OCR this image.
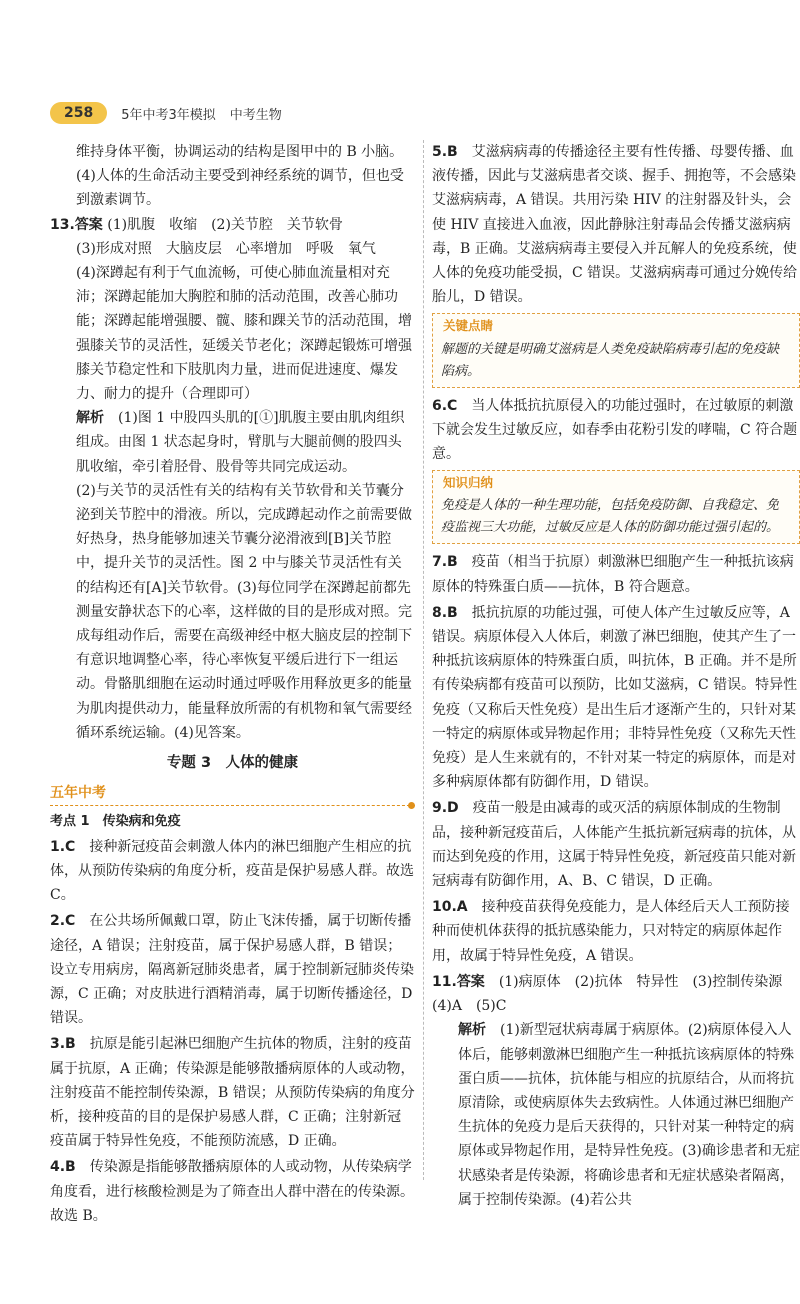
258	5年中考3年模拟 中考生物
维持身体平衡，协调运动的结构是图甲中的 B 小脑。
(4)人体的生命活动主要受到神经系统的调节，但也受到激素调节。
13.答案 (1)肌腹　收缩　(2)关节腔　关节软骨
(3)形成对照　大脑皮层　心率增加　呼吸　氧气
(4)深蹲起有利于气血流畅，可使心肺血流量相对充沛；深蹲起能加大胸腔和肺的活动范围，改善心肺功能；深蹲起能增强腰、髋、膝和踝关节的活动范围，增强膝关节的灵活性，延缓关节老化；深蹲起锻炼可增强膝关节稳定性和下肢肌肉力量，进而促进速度、爆发力、耐力的提升（合理即可）
解析　 (1)图 1 中股四头肌的[①]肌腹主要由肌肉组织组成。由图 1 状态起身时，臂肌与大腿前侧的股四头肌收缩，牵引着胫骨、股骨等共同完成运动。
(2)与关节的灵活性有关的结构有关节软骨和关节囊分泌到关节腔中的滑液。所以，完成蹲起动作之前需要做好热身，热身能够加速关节囊分泌滑液到[B]关节腔中，提升关节的灵活性。图 2 中与膝关节灵活性有关的结构还有[A]关节软骨。(3)每位同学在深蹲起前都先测量安静状态下的心率，这样做的目的是形成对照。完成每组动作后，需要在高级神经中枢大脑皮层的控制下有意识地调整心率，待心率恢复平缓后进行下一组运动。骨骼肌细胞在运动时通过呼吸作用释放更多的能量为肌肉提供动力，能量释放所需的有机物和氧气需要经循环系统运输。(4)见答案。
专题 3　人体的健康
五年中考
考点 1　传染病和免疫
1.C　 接种新冠疫苗会刺激人体内的淋巴细胞产生相应的抗体，从预防传染病的角度分析，疫苗是保护易感人群。故选 C。
2.C　 在公共场所佩戴口罩，防止飞沫传播，属于切断传播途径，A 错误；注射疫苗，属于保护易感人群，B 错误；设立专用病房，隔离新冠肺炎患者，属于控制新冠肺炎传染源，C 正确；对皮肤进行酒精消毒，属于切断传播途径，D 错误。
3.B　 抗原是能引起淋巴细胞产生抗体的物质，注射的疫苗属于抗原，A 正确；传染源是能够散播病原体的人或动物，注射疫苗不能控制传染源，B 错误；从预防传染病的角度分析，接种疫苗的目的是保护易感人群，C 正确；注射新冠疫苗属于特异性免疫，不能预防流感，D 正确。
4.B　 传染源是指能够散播病原体的人或动物，从传染病学角度看，进行核酸检测是为了筛查出人群中潜在的传染源。故选 B。
5.B　 艾滋病病毒的传播途径主要有性传播、母婴传播、血液传播，因此与艾滋病患者交谈、握手、拥抱等，不会感染艾滋病病毒，A 错误。共用污染 HIV 的注射器及针头，会使 HIV 直接进入血液，因此静脉注射毒品会传播艾滋病病毒，B 正确。艾滋病病毒主要侵入并瓦解人的免疫系统，使人体的免疫功能受损，C 错误。艾滋病病毒可通过分娩传给胎儿，D 错误。
关键点睛
解题的关键是明确艾滋病是人类免疫缺陷病毒引起的免疫缺陷病。
6.C　 当人体抵抗抗原侵入的功能过强时，在过敏原的刺激下就会发生过敏反应，如春季由花粉引发的哮喘，C 符合题意。
知识归纳
免疫是人体的一种生理功能，包括免疫防御、自我稳定、免疫监视三大功能，过敏反应是人体的防御功能过强引起的。
7.B　 疫苗（相当于抗原）刺激淋巴细胞产生一种抵抗该病原体的特殊蛋白质——抗体，B 符合题意。
8.B　 抵抗抗原的功能过强，可使人体产生过敏反应等，A 错误。病原体侵入人体后，刺激了淋巴细胞，使其产生了一种抵抗该病原体的特殊蛋白质，叫抗体，B 正确。并不是所有传染病都有疫苗可以预防，比如艾滋病，C 错误。特异性免疫（又称后天性免疫）是出生后才逐渐产生的，只针对某一特定的病原体或异物起作用；非特异性免疫（又称先天性免疫）是人生来就有的，不针对某一特定的病原体，而是对多种病原体都有防御作用，D 错误。
9.D　 疫苗一般是由减毒的或灭活的病原体制成的生物制品，接种新冠疫苗后，人体能产生抵抗新冠病毒的抗体，从而达到免疫的作用，这属于特异性免疫，新冠疫苗只能对新冠病毒有防御作用，A、B、C 错误，D 正确。
10.A　 接种疫苗获得免疫能力，是人体经后天人工预防接种而使机体获得的抵抗感染能力，只对特定的病原体起作用，故属于特异性免疫，A 错误。
11.答案　 (1)病原体　(2)抗体　特异性　(3)控制传染源　(4)A　(5)C
解析　 (1)新型冠状病毒属于病原体。(2)病原体侵入人体后，能够刺激淋巴细胞产生一种抵抗该病原体的特殊蛋白质——抗体，抗体能与相应的抗原结合，从而将抗原清除，或使病原体失去致病性。人体通过淋巴细胞产生抗体的免疫力是后天获得的，只针对某一种特定的病原体或异物起作用，是特异性免疫。(3)确诊患者和无症状感染者是传染源，将确诊患者和无症状感染者隔离，属于控制传染源。(4)若公共
